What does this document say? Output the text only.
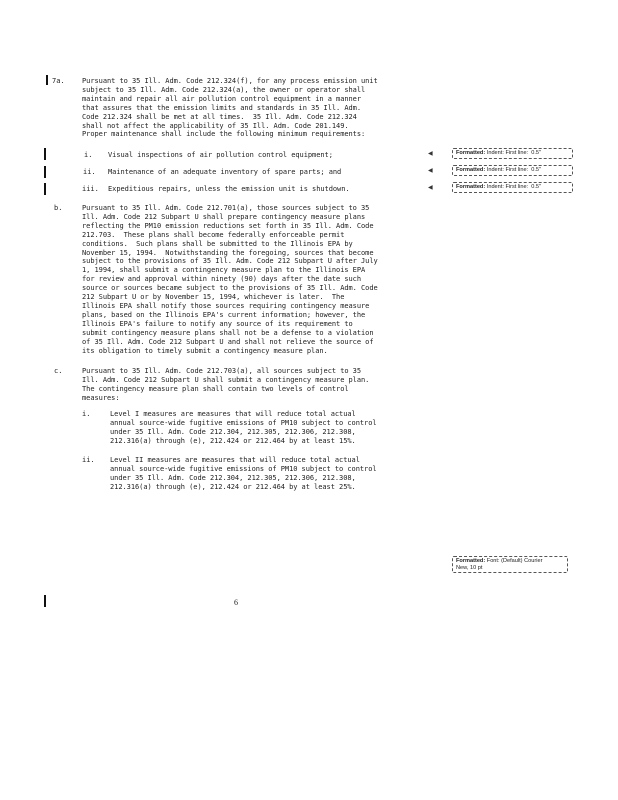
7a. Pursuant to 35 Ill. Adm. Code 212.324(f), for any process emission unit
subject to 35 Ill. Adm. Code 212.324(a), the owner or operator shall
maintain and repair all air pollution control equipment in a manner
that assures that the emission limits and standards in 35 Ill. Adm.
Code 212.324 shall be met at all times.  35 Ill. Adm. Code 212.324
shall not affect the applicability of 35 Ill. Adm. Code 201.149.
Proper maintenance shall include the following minimum requirements:
i. Visual inspections of air pollution control equipment;
ii. Maintenance of an adequate inventory of spare parts; and
iii. Expeditious repairs, unless the emission unit is shutdown.
b.	Pursuant to 35 Ill. Adm. Code 212.701(a), those sources subject to 35
Ill. Adm. Code 212 Subpart U shall prepare contingency measure plans
reflecting the PM10 emission reductions set forth in 35 Ill. Adm. Code
212.703.  These plans shall become federally enforceable permit
conditions.  Such plans shall be submitted to the Illinois EPA by
November 15, 1994.  Notwithstanding the foregoing, sources that become
subject to the provisions of 35 Ill. Adm. Code 212 Subpart U after July
1, 1994, shall submit a contingency measure plan to the Illinois EPA
for review and approval within ninety (90) days after the date such
source or sources became subject to the provisions of 35 Ill. Adm. Code
212 Subpart U or by November 15, 1994, whichever is later.  The
Illinois EPA shall notify those sources requiring contingency measure
plans, based on the Illinois EPA's current information; however, the
Illinois EPA's failure to notify any source of its requirement to
submit contingency measure plans shall not be a defense to a violation
of 35 Ill. Adm. Code 212 Subpart U and shall not relieve the source of
its obligation to timely submit a contingency measure plan.
c.	Pursuant to 35 Ill. Adm. Code 212.703(a), all sources subject to 35
Ill. Adm. Code 212 Subpart U shall submit a contingency measure plan.
The contingency measure plan shall contain two levels of control
measures:
i.	Level I measures are measures that will reduce total actual
annual source-wide fugitive emissions of PM10 subject to control
under 35 Ill. Adm. Code 212.304, 212.305, 212.306, 212.308,
212.316(a) through (e), 212.424 or 212.464 by at least 15%.
ii. Level II measures are measures that will reduce total actual
annual source-wide fugitive emissions of PM10 subject to control
under 35 Ill. Adm. Code 212.304, 212.305, 212.306, 212.308,
212.316(a) through (e), 212.424 or 212.464 by at least 25%.
◀
◀
◀
Formatted: Indent: First line:  0.5"
Formatted: Indent: First line:  0.5"
Formatted: Indent: First line:  0.5"
Formatted: Font: (Default) Courier
New, 10 pt
6
